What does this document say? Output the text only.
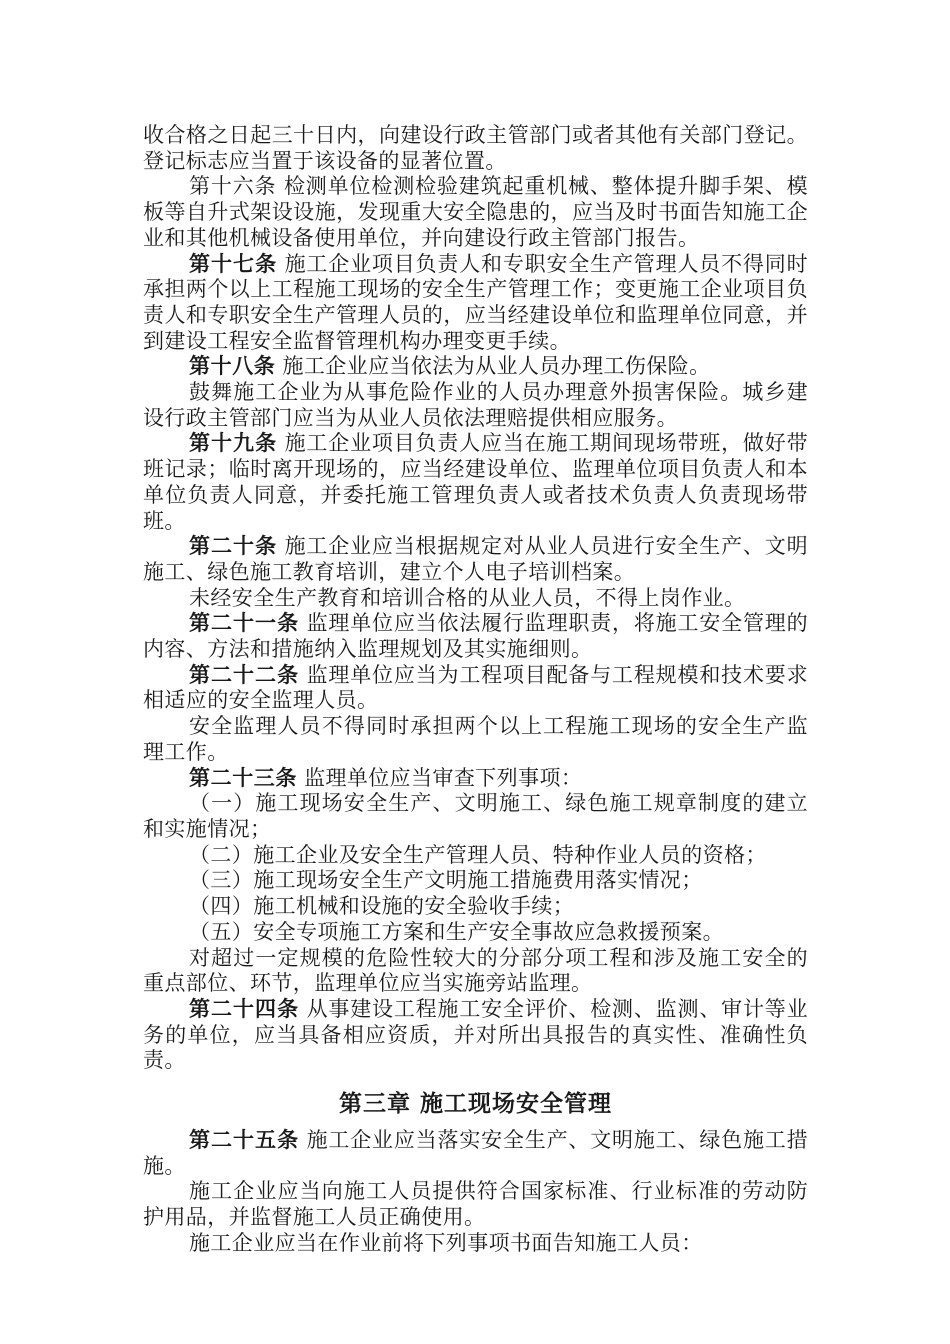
收合格之日起三十日内，向建设行政主管部门或者其他有关部门登记。登记标志应当置于该设备的显著位置。

第十六条 检测单位检测检验建筑起重机械、整体提升脚手架、模板等自升式架设设施，发现重大安全隐患的，应当及时书面告知施工企业和其他机械设备使用单位，并向建设行政主管部门报告。

第十七条 施工企业项目负责人和专职安全生产管理人员不得同时承担两个以上工程施工现场的安全生产管理工作；变更施工企业项目负责人和专职安全生产管理人员的，应当经建设单位和监理单位同意，并到建设工程安全监督管理机构办理变更手续。

第十八条 施工企业应当依法为从业人员办理工伤保险。

鼓舞施工企业为从事危险作业的人员办理意外损害保险。城乡建设行政主管部门应当为从业人员依法理赔提供相应服务。

第十九条 施工企业项目负责人应当在施工期间现场带班，做好带班记录；临时离开现场的，应当经建设单位、监理单位项目负责人和本单位负责人同意，并委托施工管理负责人或者技术负责人负责现场带班。

第二十条 施工企业应当根据规定对从业人员进行安全生产、文明施工、绿色施工教育培训，建立个人电子培训档案。

未经安全生产教育和培训合格的从业人员，不得上岗作业。

第二十一条 监理单位应当依法履行监理职责，将施工安全管理的内容、方法和措施纳入监理规划及其实施细则。

第二十二条 监理单位应当为工程项目配备与工程规模和技术要求相适应的安全监理人员。

安全监理人员不得同时承担两个以上工程施工现场的安全生产监理工作。

第二十三条 监理单位应当审查下列事项：

（一）施工现场安全生产、文明施工、绿色施工规章制度的建立和实施情况；

（二）施工企业及安全生产管理人员、特种作业人员的资格；

（三）施工现场安全生产文明施工措施费用落实情况；

（四）施工机械和设施的安全验收手续；

（五）安全专项施工方案和生产安全事故应急救援预案。

对超过一定规模的危险性较大的分部分项工程和涉及施工安全的重点部位、环节，监理单位应当实施旁站监理。

第二十四条 从事建设工程施工安全评价、检测、监测、审计等业务的单位，应当具备相应资质，并对所出具报告的真实性、准确性负责。

第三章 施工现场安全管理

第二十五条 施工企业应当落实安全生产、文明施工、绿色施工措施。

施工企业应当向施工人员提供符合国家标准、行业标准的劳动防护用品，并监督施工人员正确使用。

施工企业应当在作业前将下列事项书面告知施工人员：
